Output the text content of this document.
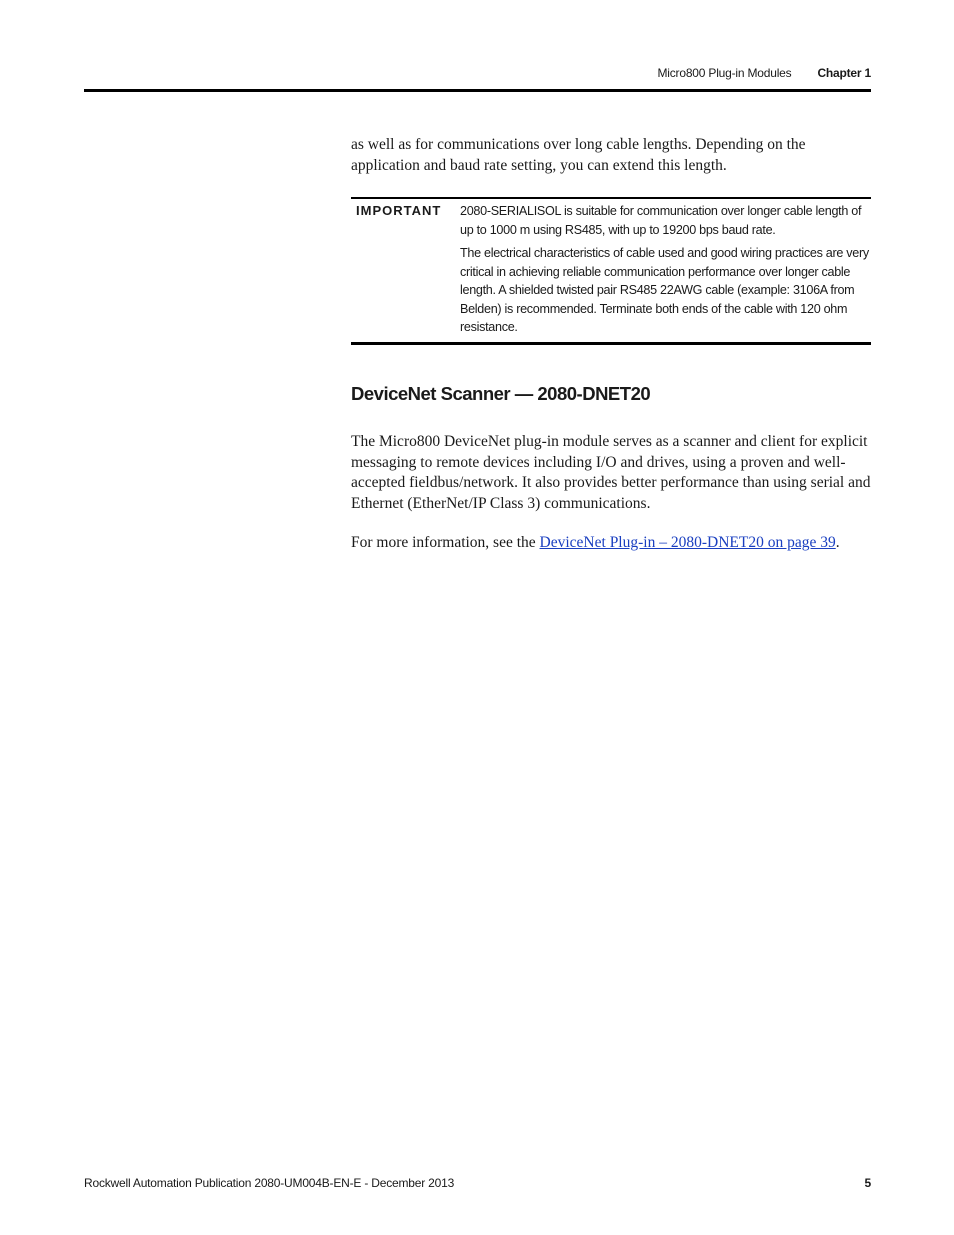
Micro800 Plug-in Modules Chapter 1

as well as for communications over long cable lengths. Depending on the application and baud rate setting, you can extend this length.

IMPORTANT 2080-SERIALISOL is suitable for communication over longer cable length of up to 1000 m using RS485, with up to 19200 bps baud rate.

The electrical characteristics of cable used and good wiring practices are very critical in achieving reliable communication performance over longer cable length. A shielded twisted pair RS485 22AWG cable (example: 3106A from Belden) is recommended. Terminate both ends of the cable with 120 ohm resistance.

DeviceNet Scanner — 2080-DNET20

The Micro800 DeviceNet plug-in module serves as a scanner and client for explicit messaging to remote devices including I/O and drives, using a proven and well-accepted fieldbus/network. It also provides better performance than using serial and Ethernet (EtherNet/IP Class 3) communications.

For more information, see the DeviceNet Plug-in – 2080-DNET20 on page 39.

Rockwell Automation Publication 2080-UM004B-EN-E - December 2013	5
